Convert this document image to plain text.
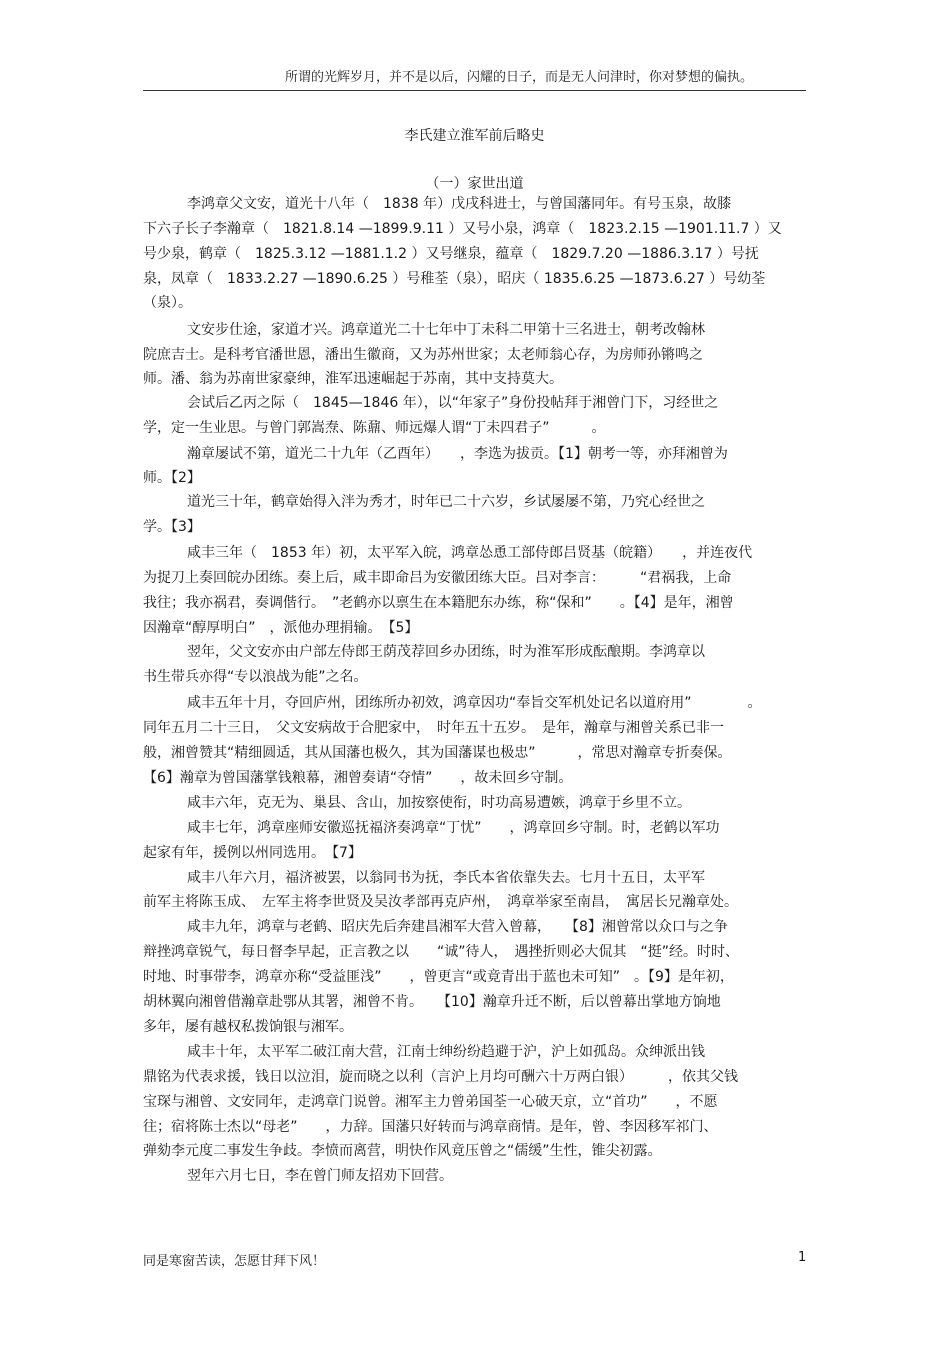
所谓的光辉岁月，并不是以后，闪耀的日子，而是无人问津时，你对梦想的偏执。
李氏建立淮军前后略史
（一）家世出道
李鸿章父文安，道光十八年（　1838 年）戊戌科进士，与曾国藩同年。有号玉泉，故膝
下六子长子李瀚章（　1821.8.14 —1899.9.11 ）又号小泉，鸿章（　1823.2.15 —1901.11.7 ）又
号少泉，鹤章（　1825.3.12 —1881.1.2 ）又号继泉，蕴章（　1829.7.20 —1886.3.17 ）号抚
泉，凤章（　1833.2.27 —1890.6.25 ）号稚荃（泉），昭庆（ 1835.6.25 —1873.6.27 ）号幼荃
（泉）。
文安步仕途，家道才兴。鸿章道光二十七年中丁未科二甲第十三名进士，朝考改翰林
院庶吉士。是科考官潘世恩，潘出生徽商，又为苏州世家；太老师翁心存，为房师孙锵鸣之
师。潘、翁为苏南世家豪绅，淮军迅速崛起于苏南，其中支持莫大。
会试后乙丙之际（　1845—1846 年），以“年家子”身份投帖拜于湘曾门下，习经世之
学，定一生业思。与曾门郭嵩焘、陈鼐、师远爆人谓“丁未四君子”　　　。
瀚章屡试不第，道光二十九年（乙酉年）　　，李选为拔贡。【1】朝考一等，亦拜湘曾为
师。【2】
道光三十年，鹤章始得入泮为秀才，时年已二十六岁，乡试屡屡不第，乃究心经世之
学。【3】
咸丰三年（　1853 年）初，太平军入皖，鸿章怂恿工部侍郎吕贤基（皖籍）　　，并连夜代
为捉刀上奏回皖办团练。奏上后，咸丰即命吕为安徽团练大臣。吕对李言：　　　“君祸我，上命
我往；我亦祸君，奏调偕行。　”老鹤亦以禀生在本籍肥东办练，称“保和”　　。【4】是年，湘曾
因瀚章“醇厚明白”　，派他办理捐输。　【5】
翌年，父文安亦由户部左侍郎王荫茂荐回乡办团练，时为淮军形成酝酿期。李鸿章以
书生带兵亦得“专以浪战为能”之名。
咸丰五年十月，夺回庐州，团练所办初效，鸿章因功“奉旨交军机处记名以道府用”　　　　。
同年五月二十三日，　父文安病故于合肥家中，　时年五十五岁。　是年，瀚章与湘曾关系已非一
般，湘曾赞其“精细圆适，其从国藩也极久，其为国藩谋也极忠”　　　，常思对瀚章专折奏保。
【6】瀚章为曾国藩掌钱粮幕，湘曾奏请“夺情”　　，故未回乡守制。
咸丰六年，克无为、巢县、含山，加按察使衔，时功高易遭嫉，鸿章于乡里不立。
咸丰七年，鸿章座师安徽巡抚福济奏鸿章“丁忧”　　，鸿章回乡守制。时，老鹤以军功
起家有年，援例以州同选用。　【7】
咸丰八年六月，福济被罢，以翁同书为抚，李氏本省依靠失去。七月十五日，太平军
前军主将陈玉成、　左军主将李世贤及吴汝孝部再克庐州，　鸿章举家至南昌，　寓居长兄瀚章处。
咸丰九年，鸿章与老鹤、昭庆先后奔建昌湘军大营入曾幕，　　【8】湘曾常以众口与之争
辩挫鸿章锐气，每日督李早起，正言教之以　　“诚”待人，　遇挫折则必大侃其　“挺”经。时时、
时地、时事带李，鸿章亦称“受益匪浅”　　，曾更言“或竟青出于蓝也未可知”　。【9】是年初，
胡林翼向湘曾借瀚章赴鄂从其署，湘曾不肯。　　【10】瀚章升迁不断，后以曾幕出掌地方饷地
多年，屡有越权私拨饷银与湘军。
咸丰十年，太平军二破江南大营，江南士绅纷纷趋避于沪，沪上如孤岛。众绅派出钱
鼎铭为代表求援，钱日以泣泪，旋而晓之以利（言沪上月均可酬六十万两白银）　　　，依其父钱
宝琛与湘曾、文安同年，走鸿章门说曾。湘军主力曾弟国荃一心破天京，立“首功”　　，不愿
往；宿将陈士杰以“母老”　　，力辞。国藩只好转而与鸿章商情。是年，曾、李因移军祁门、
弹劾李元度二事发生争歧。李愤而离营，明快作风竟压曾之“儒缓”生性，锥尖初露。
翌年六月七日，李在曾门师友招劝下回营。
同是寒窗苦读，怎愿甘拜下风！	1
